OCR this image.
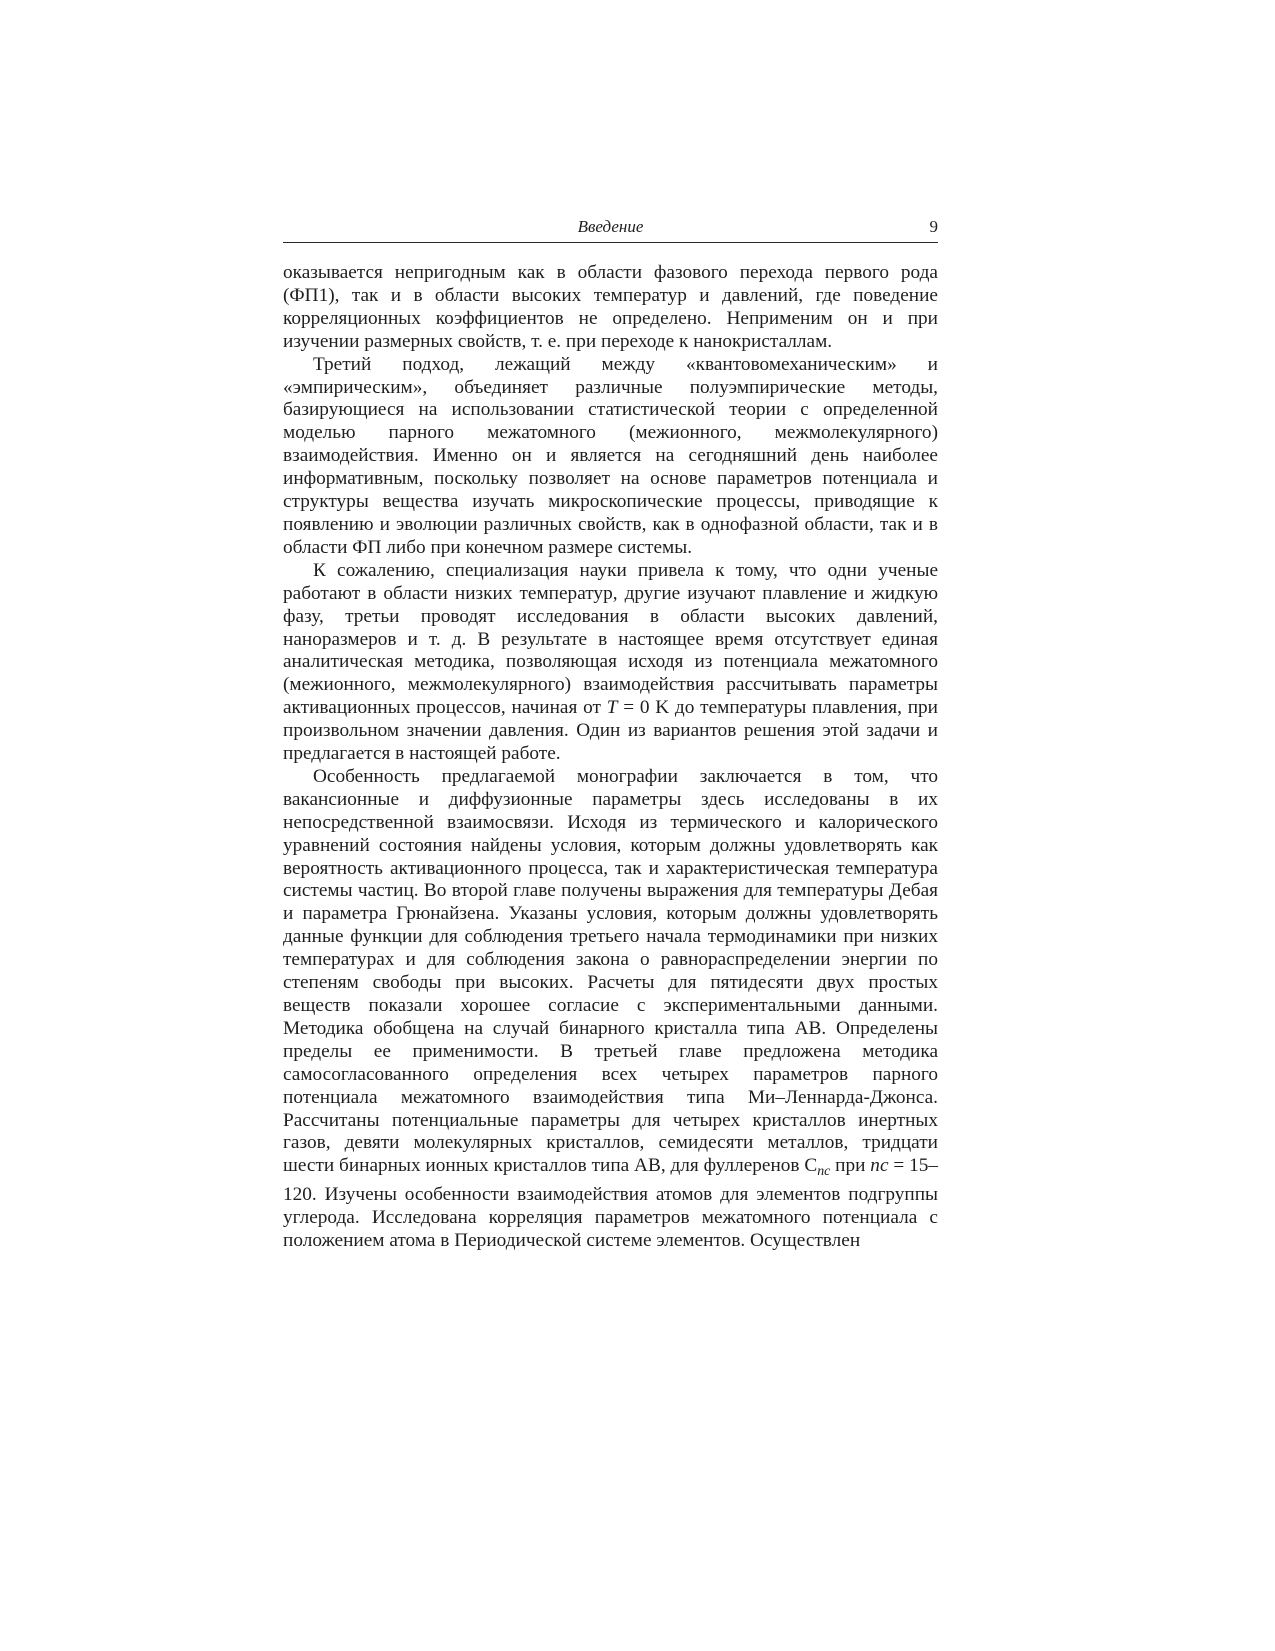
Введение	9

оказывается непригодным как в области фазового перехода первого рода (ФП1), так и в области высоких температур и давлений, где поведение корреляционных коэффициентов не определено. Неприменим он и при изучении размерных свойств, т. е. при переходе к нанокристаллам.

Третий подход, лежащий между «квантовомеханическим» и «эмпирическим», объединяет различные полуэмпирические методы, базирующиеся на использовании статистической теории с определенной моделью парного межатомного (межионного, межмолекулярного) взаимодействия. Именно он и является на сегодняшний день наиболее информативным, поскольку позволяет на основе параметров потенциала и структуры вещества изучать микроскопические процессы, приводящие к появлению и эволюции различных свойств, как в однофазной области, так и в области ФП либо при конечном размере системы.

К сожалению, специализация науки привела к тому, что одни ученые работают в области низких температур, другие изучают плавление и жидкую фазу, третьи проводят исследования в области высоких давлений, наноразмеров и т. д. В результате в настоящее время отсутствует единая аналитическая методика, позволяющая исходя из потенциала межатомного (межионного, межмолекулярного) взаимодействия рассчитывать параметры активационных процессов, начиная от T = 0 K до температуры плавления, при произвольном значении давления. Один из вариантов решения этой задачи и предлагается в настоящей работе.

Особенность предлагаемой монографии заключается в том, что вакансионные и диффузионные параметры здесь исследованы в их непосредственной взаимосвязи. Исходя из термического и калорического уравнений состояния найдены условия, которым должны удовлетворять как вероятность активационного процесса, так и характеристическая температура системы частиц. Во второй главе получены выражения для температуры Дебая и параметра Грюнайзена. Указаны условия, которым должны удовлетворять данные функции для соблюдения третьего начала термодинамики при низких температурах и для соблюдения закона о равнораспределении энергии по степеням свободы при высоких. Расчеты для пятидесяти двух простых веществ показали хорошее согласие с экспериментальными данными. Методика обобщена на случай бинарного кристалла типа AB. Определены пределы ее применимости. В третьей главе предложена методика самосогласованного определения всех четырех параметров парного потенциала межатомного взаимодействия типа Ми–Леннарда-Джонса. Рассчитаны потенциальные параметры для четырех кристаллов инертных газов, девяти молекулярных кристаллов, семидесяти металлов, тридцати шести бинарных ионных кристаллов типа AB, для фуллеренов $C_{nc}$ при nc = 15–120. Изучены особенности взаимодействия атомов для элементов подгруппы углерода. Исследована корреляция параметров межатомного потенциала с положением атома в Периодической системе элементов. Осуществлен
